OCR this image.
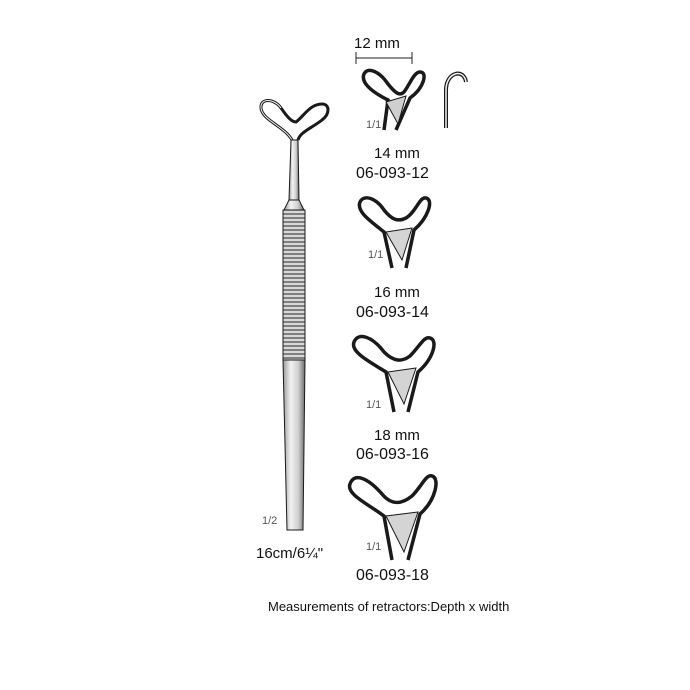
12 mm
1/1
14 mm
06-093-12
1/1
16 mm
06-093-14
1/1
18 mm
06-093-16
1/1
06-093-18
1/2
16cm/6¼"
Measurements of retractors:Depth x width
